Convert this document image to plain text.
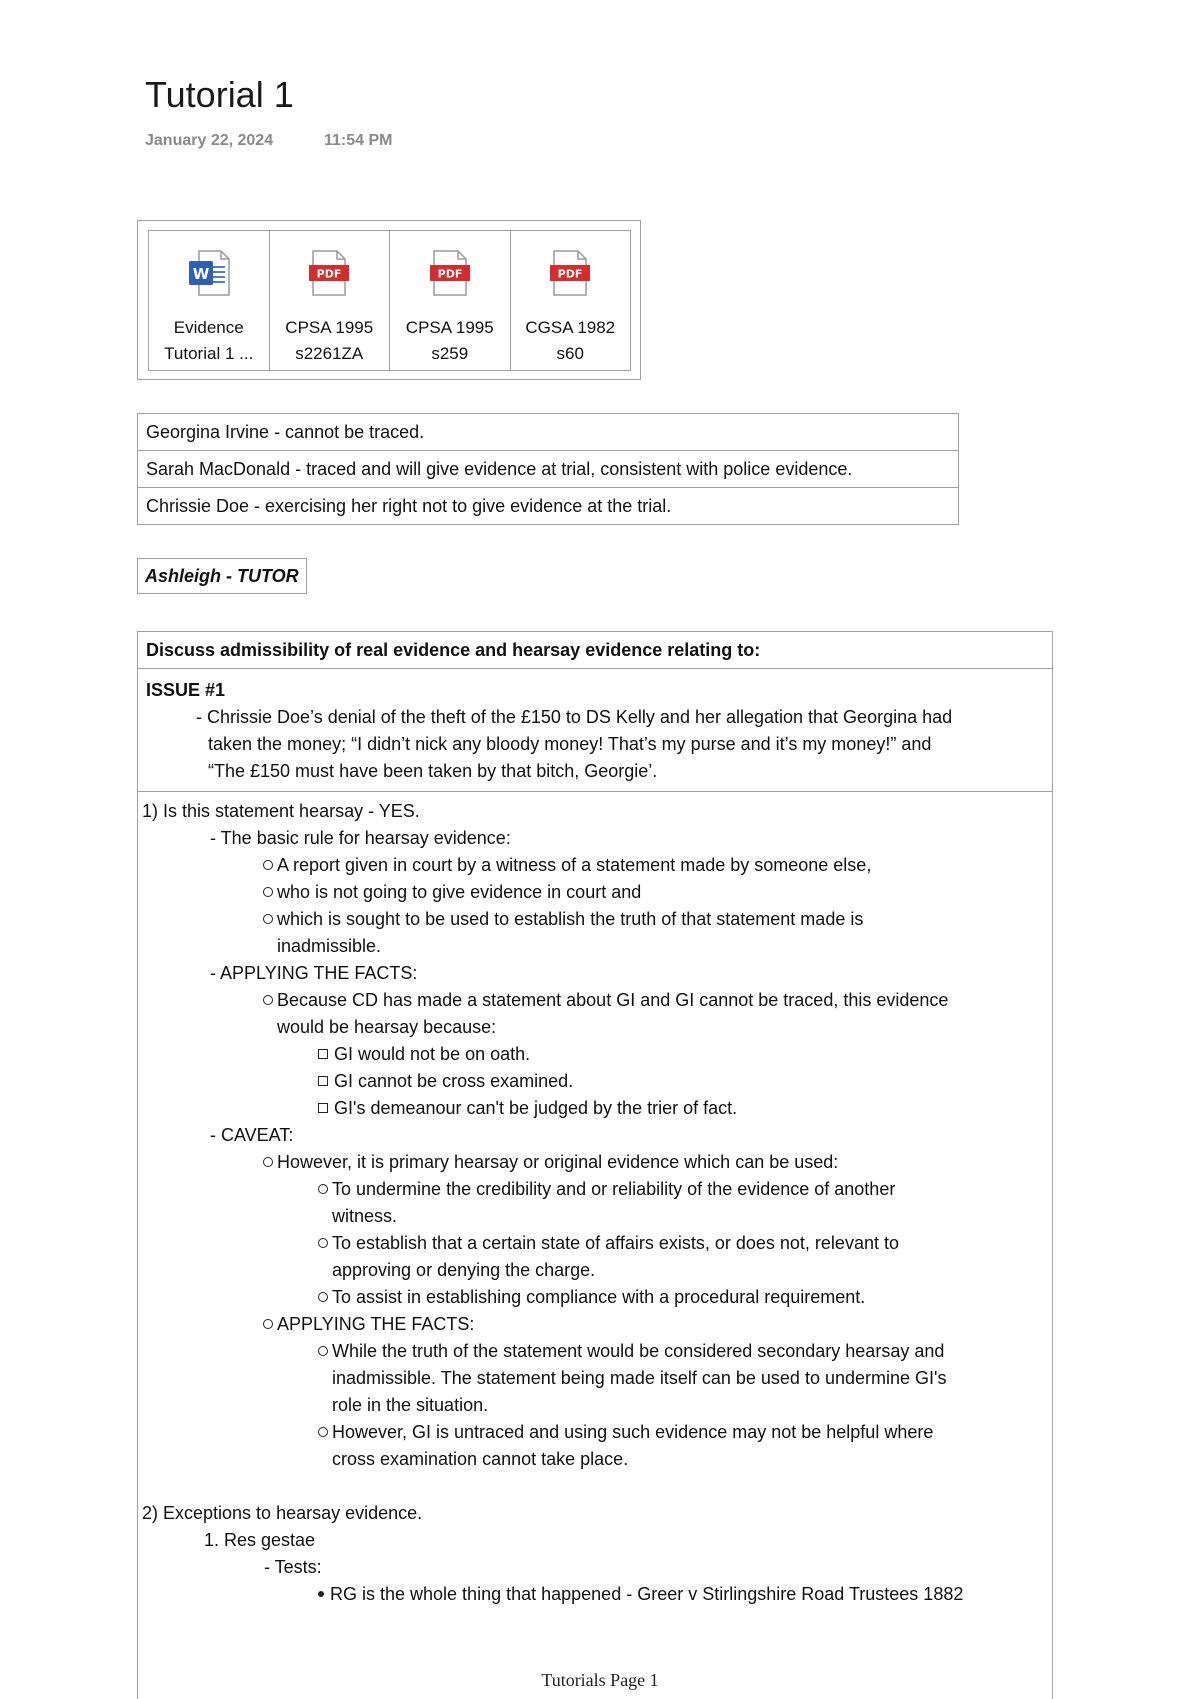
Tutorial 1
January 22, 2024	11:54 PM
W
Evidence
Tutorial 1 ...
PDF
CPSA 1995
s2261ZA
PDF
CPSA 1995
s259
PDF
CGSA 1982
s60
Georgina Irvine - cannot be traced.
Sarah MacDonald - traced and will give evidence at trial, consistent with police evidence.
Chrissie Doe - exercising her right not to give evidence at the trial.
Ashleigh - TUTOR
Discuss admissibility of real evidence and hearsay evidence relating to:
ISSUE #1
- Chrissie Doe’s denial of the theft of the £150 to DS Kelly and her allegation that Georgina had
taken the money; “I didn’t nick any bloody money! That’s my purse and it’s my money!” and
“The £150 must have been taken by that bitch, Georgie’.
1) Is this statement hearsay - YES.
- The basic rule for hearsay evidence:
A report given in court by a witness of a statement made by someone else,
who is not going to give evidence in court and
which is sought to be used to establish the truth of that statement made is
inadmissible.
- APPLYING THE FACTS:
Because CD has made a statement about GI and GI cannot be traced, this evidence
would be hearsay because:
GI would not be on oath.
GI cannot be cross examined.
GI's demeanour can't be judged by the trier of fact.
- CAVEAT:
However, it is primary hearsay or original evidence which can be used:
To undermine the credibility and or reliability of the evidence of another
witness.
To establish that a certain state of affairs exists, or does not, relevant to
approving or denying the charge.
To assist in establishing compliance with a procedural requirement.
APPLYING THE FACTS:
While the truth of the statement would be considered secondary hearsay and
inadmissible. The statement being made itself can be used to undermine GI's
role in the situation.
However, GI is untraced and using such evidence may not be helpful where
cross examination cannot take place.
2) Exceptions to hearsay evidence.
1. Res gestae
- Tests:
RG is the whole thing that happened - Greer v Stirlingshire Road Trustees 1882
Tutorials Page 1
